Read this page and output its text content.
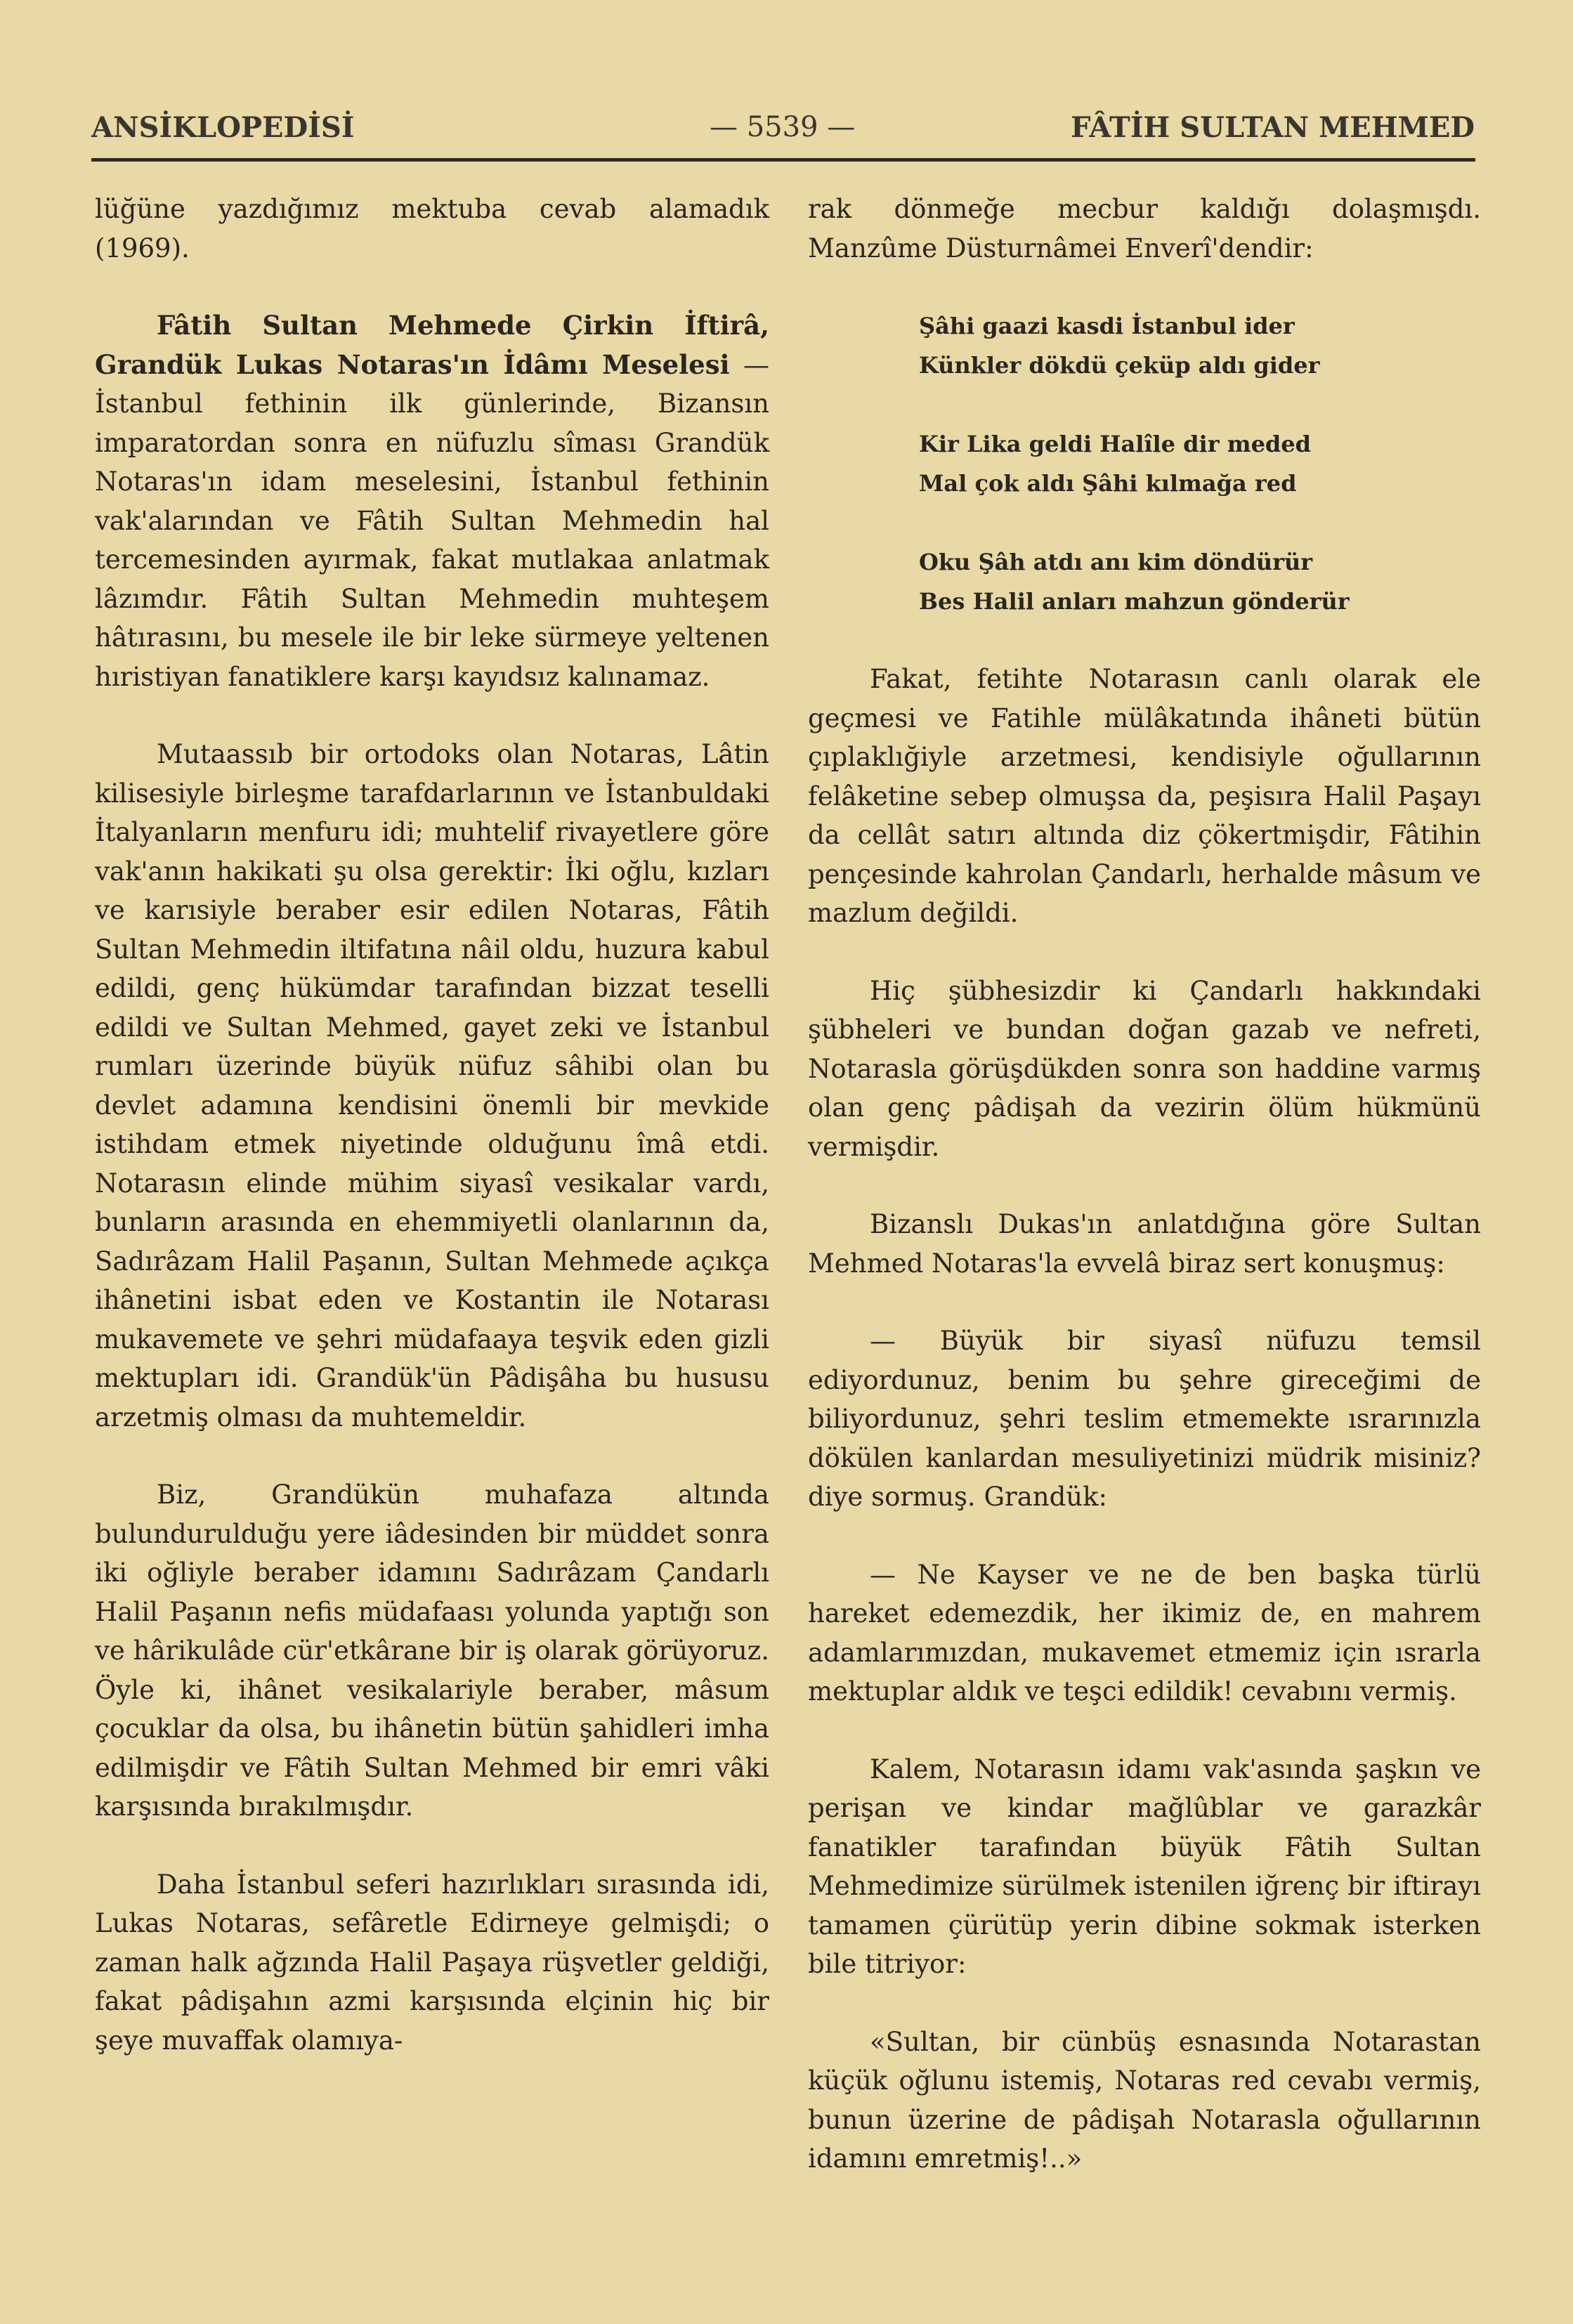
ANSİKLOPEDİSİ	— 5539 —	FÂTİH SULTAN MEHMED

lüğüne yazdığımız mektuba cevab alamadık (1969).

Fâtih Sultan Mehmede Çirkin İftirâ, Grandük Lukas Notaras'ın İdâmı Meselesi — İstanbul fethinin ilk günlerinde, Bizansın imparatordan sonra en nüfuzlu sîması Grandük Notaras'ın idam meselesini, İstanbul fethinin vak'alarından ve Fâtih Sultan Mehmedin hal tercemesinden ayırmak, fakat mutlakaa anlatmak lâzımdır. Fâtih Sultan Mehmedin muhteşem hâtırasını, bu mesele ile bir leke sürmeye yeltenen hıristiyan fanatiklere karşı kayıdsız kalınamaz.

Mutaassıb bir ortodoks olan Notaras, Lâtin kilisesiyle birleşme tarafdarlarının ve İstanbuldaki İtalyanların menfuru idi; muhtelif rivayetlere göre vak'anın hakikati şu olsa gerektir: İki oğlu, kızları ve karısiyle beraber esir edilen Notaras, Fâtih Sultan Mehmedin iltifatına nâil oldu, huzura kabul edildi, genç hükümdar tarafından bizzat teselli edildi ve Sultan Mehmed, gayet zeki ve İstanbul rumları üzerinde büyük nüfuz sâhibi olan bu devlet adamına kendisini önemli bir mevkide istihdam etmek niyetinde olduğunu îmâ etdi. Notarasın elinde mühim siyasî vesikalar vardı, bunların arasında en ehemmiyetli olanlarının da, Sadırâzam Halil Paşanın, Sultan Mehmede açıkça ihânetini isbat eden ve Kostantin ile Notarası mukavemete ve şehri müdafaaya teşvik eden gizli mektupları idi. Grandük'ün Pâdişâha bu hususu arzetmiş olması da muhtemeldir.

Biz, Grandükün muhafaza altında bulundurulduğu yere iâdesinden bir müddet sonra iki oğliyle beraber idamını Sadırâzam Çandarlı Halil Paşanın nefis müdafaası yolunda yaptığı son ve hârikulâde cür'etkârane bir iş olarak görüyoruz. Öyle ki, ihânet vesikalariyle beraber, mâsum çocuklar da olsa, bu ihânetin bütün şahidleri imha edilmişdir ve Fâtih Sultan Mehmed bir emri vâki karşısında bırakılmışdır.

Daha İstanbul seferi hazırlıkları sırasında idi, Lukas Notaras, sefâretle Edirneye gelmişdi; o zaman halk ağzında Halil Paşaya rüşvetler geldiği, fakat pâdişahın azmi karşısında elçinin hiç bir şeye muvaffak olamıya-

rak dönmeğe mecbur kaldığı dolaşmışdı. Manzûme Düsturnâmei Enverî'dendir:

Şâhi gaazi kasdi İstanbul ider
Künkler dökdü çeküp aldı gider
Kir Lika geldi Halîle dir meded
Mal çok aldı Şâhi kılmağa red
Oku Şâh atdı anı kim döndürür
Bes Halil anları mahzun gönderür

Fakat, fetihte Notarasın canlı olarak ele geçmesi ve Fatihle mülâkatında ihâneti bütün çıplaklığiyle arzetmesi, kendisiyle oğullarının felâketine sebep olmuşsa da, peşisıra Halil Paşayı da cellât satırı altında diz çökertmişdir, Fâtihin pençesinde kahrolan Çandarlı, herhalde mâsum ve mazlum değildi.

Hiç şübhesizdir ki Çandarlı hakkındaki şübheleri ve bundan doğan gazab ve nefreti, Notarasla görüşdükden sonra son haddine varmış olan genç pâdişah da vezirin ölüm hükmünü vermişdir.

Bizanslı Dukas'ın anlatdığına göre Sultan Mehmed Notaras'la evvelâ biraz sert konuşmuş:

— Büyük bir siyasî nüfuzu temsil ediyordunuz, benim bu şehre gireceğimi de biliyordunuz, şehri teslim etmemekte ısrarınızla dökülen kanlardan mesuliyetinizi müdrik misiniz? diye sormuş. Grandük:

— Ne Kayser ve ne de ben başka türlü hareket edemezdik, her ikimiz de, en mahrem adamlarımızdan, mukavemet etmemiz için ısrarla mektuplar aldık ve teşci edildik! cevabını vermiş.

Kalem, Notarasın idamı vak'asında şaşkın ve perişan ve kindar mağlûblar ve garazkâr fanatikler tarafından büyük Fâtih Sultan Mehmedimize sürülmek istenilen iğrenç bir iftirayı tamamen çürütüp yerin dibine sokmak isterken bile titriyor:

«Sultan, bir cünbüş esnasında Notarastan küçük oğlunu istemiş, Notaras red cevabı vermiş, bunun üzerine de pâdişah Notarasla oğullarının idamını emretmiş!..»
